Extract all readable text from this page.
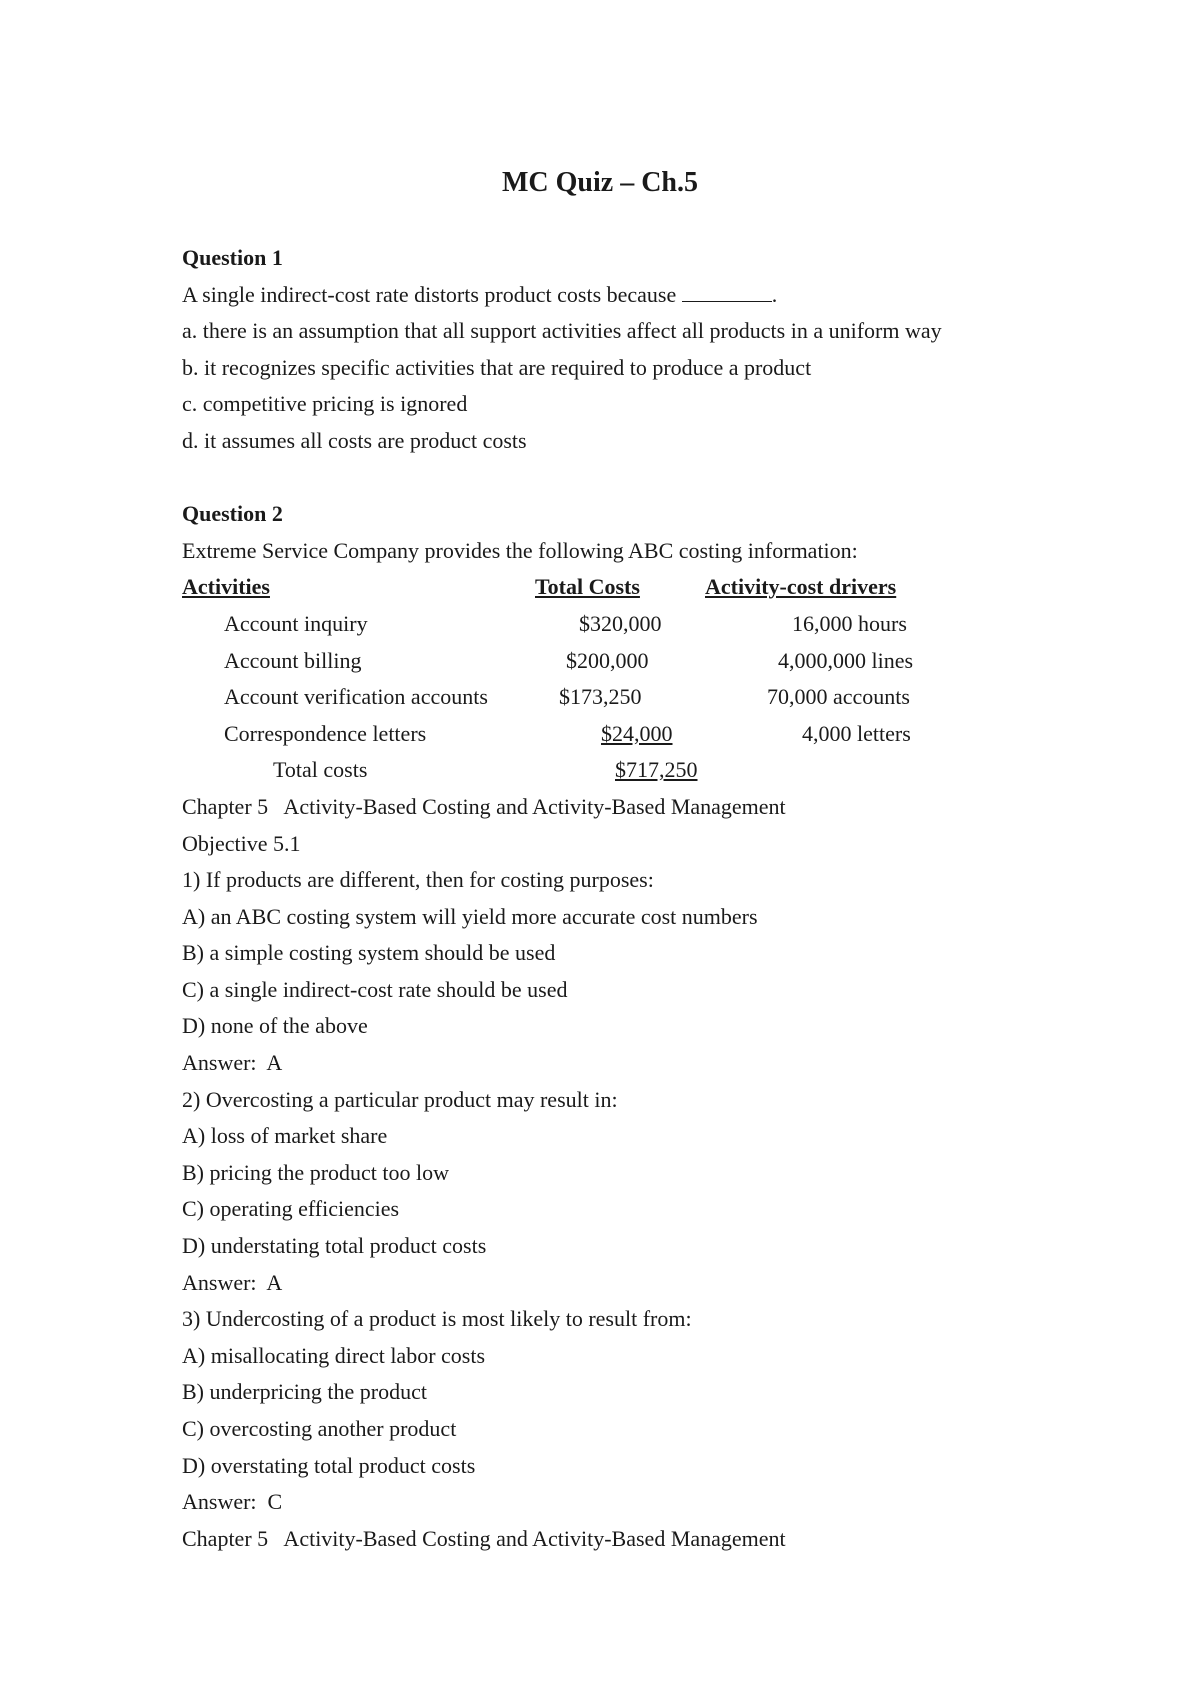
MC Quiz – Ch.5
Question 1
A single indirect-cost rate distorts product costs because	.
a. there is an assumption that all support activities affect all products in a uniform way
b. it recognizes specific activities that are required to produce a product
c. competitive pricing is ignored
d. it assumes all costs are product costs
Question 2
Extreme Service Company provides the following ABC costing information:
Activities	Total Costs	Activity-cost drivers
Account inquiry	$320,000	16,000 hours
Account billing	$200,000	4,000,000 lines
Account verification accounts	$173,250	70,000 accounts
Correspondence letters	$24,000	4,000 letters
Total costs	$717,250
Chapter 5   Activity-Based Costing and Activity-Based Management
Objective 5.1
1) If products are different, then for costing purposes:
A) an ABC costing system will yield more accurate cost numbers
B) a simple costing system should be used
C) a single indirect-cost rate should be used
D) none of the above
Answer:  A
2) Overcosting a particular product may result in:
A) loss of market share
B) pricing the product too low
C) operating efficiencies
D) understating total product costs
Answer:  A
3) Undercosting of a product is most likely to result from:
A) misallocating direct labor costs
B) underpricing the product
C) overcosting another product
D) overstating total product costs
Answer:  C
Chapter 5   Activity-Based Costing and Activity-Based Management
